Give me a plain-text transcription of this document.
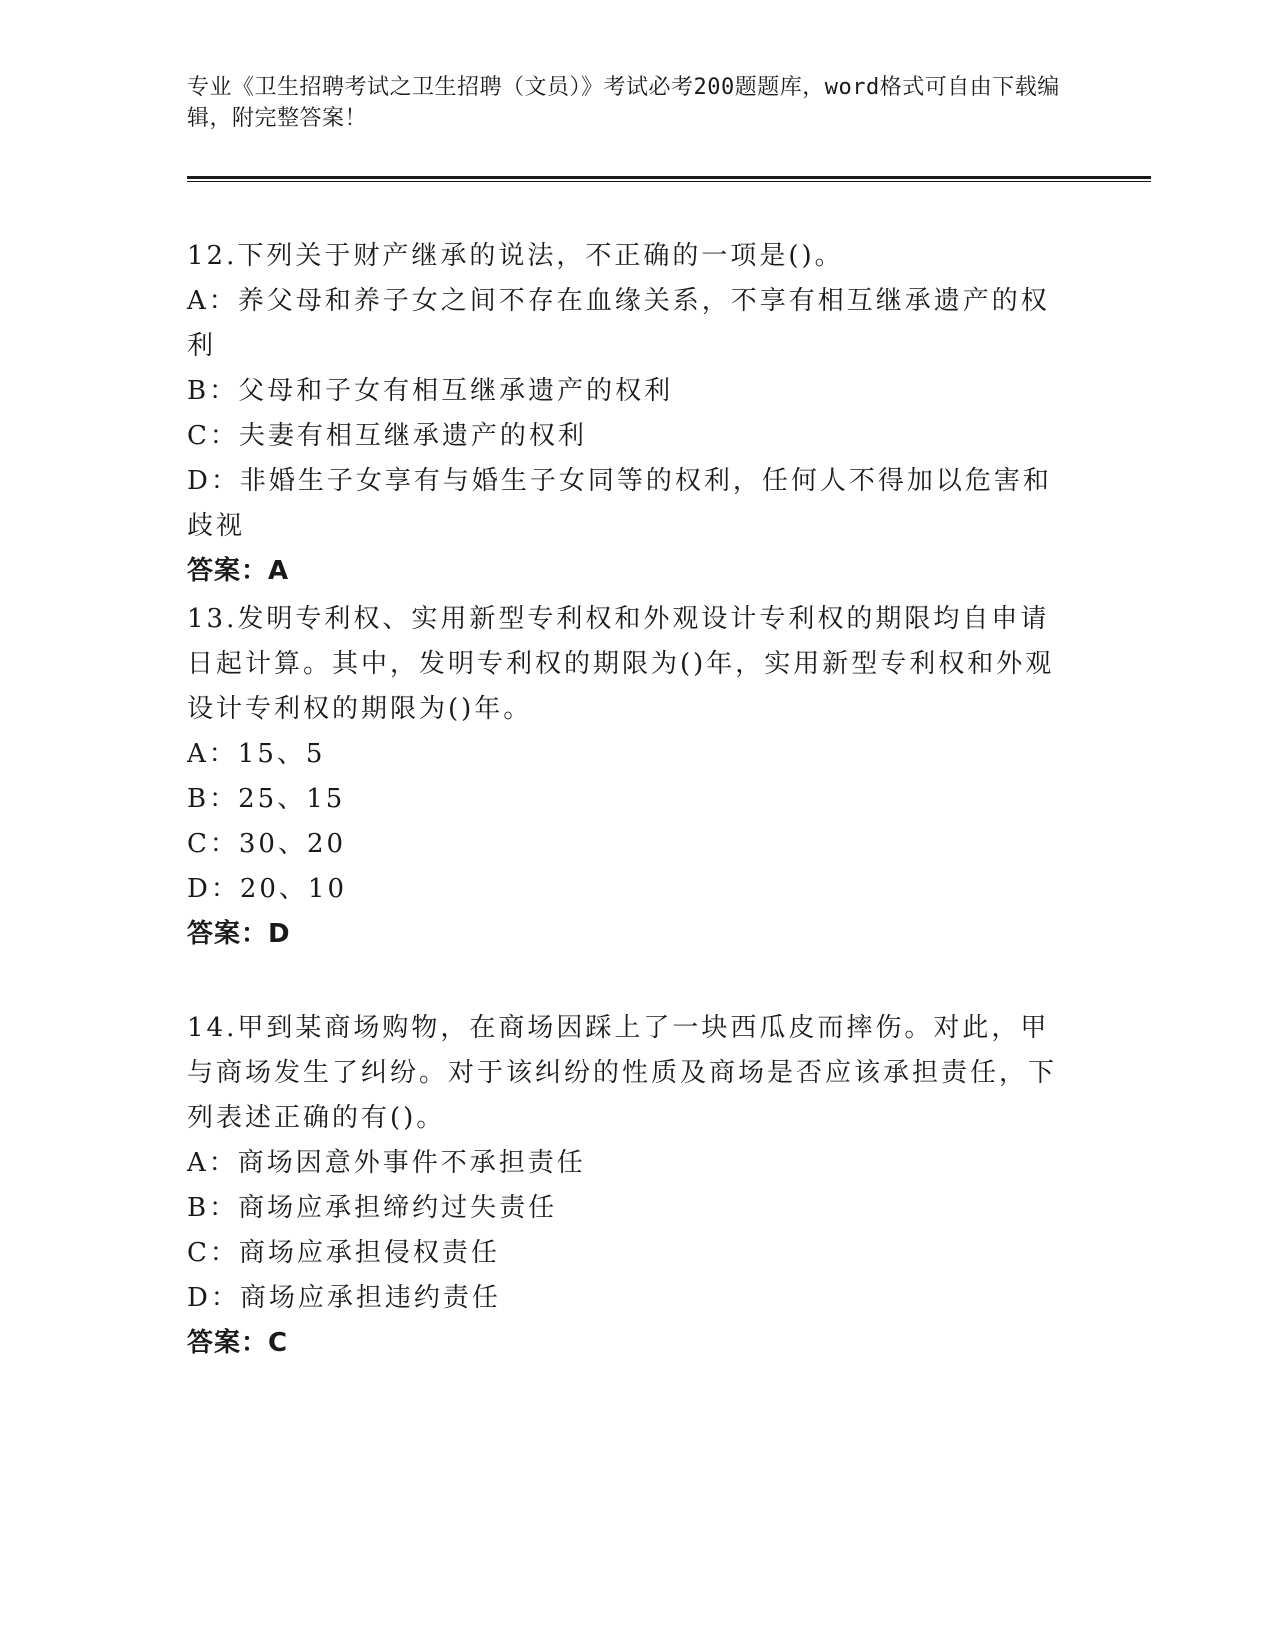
专业《卫生招聘考试之卫生招聘（文员）》考试必考200题题库，word格式可自由下载编辑，附完整答案！

12.下列关于财产继承的说法，不正确的一项是()。

A：养父母和养子女之间不存在血缘关系，不享有相互继承遗产的权利

B：父母和子女有相互继承遗产的权利

C：夫妻有相互继承遗产的权利

D：非婚生子女享有与婚生子女同等的权利，任何人不得加以危害和歧视

答案：A

13.发明专利权、实用新型专利权和外观设计专利权的期限均自申请日起计算。其中，发明专利权的期限为()年，实用新型专利权和外观设计专利权的期限为()年。

A：15、5

B：25、15

C：30、20

D：20、10

答案：D

14.甲到某商场购物，在商场因踩上了一块西瓜皮而摔伤。对此，甲与商场发生了纠纷。对于该纠纷的性质及商场是否应该承担责任，下列表述正确的有()。

A：商场因意外事件不承担责任

B：商场应承担缔约过失责任

C：商场应承担侵权责任

D：商场应承担违约责任

答案：C
